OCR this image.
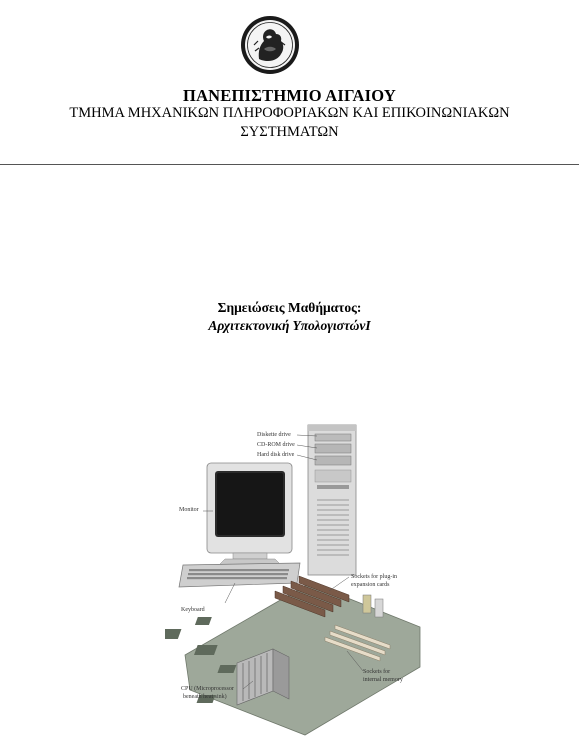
ΠΑΝΕΠΙΣΤΗΜΙΟ ΑΙΓΑΙΟΥ
ΤΜΗΜΑ ΜΗΧΑΝΙΚΩΝ ΠΛΗΡΟΦΟΡΙΑΚΩΝ ΚΑΙ ΕΠΙΚΟΙΝΩΝΙΑΚΩΝ
ΣΥΣΤΗΜΑΤΩΝ
Σημειώσεις Μαθήματος:
Αρχιτεκτονική ΥπολογιστώνΙ
Diskette drive
CD-ROM drive
Hard disk drive
Monitor
Sockets for plug-in
expansion cards
Keyboard
Sockets for
internal memory
CPU (Microprocessor
beneath heat sink)
